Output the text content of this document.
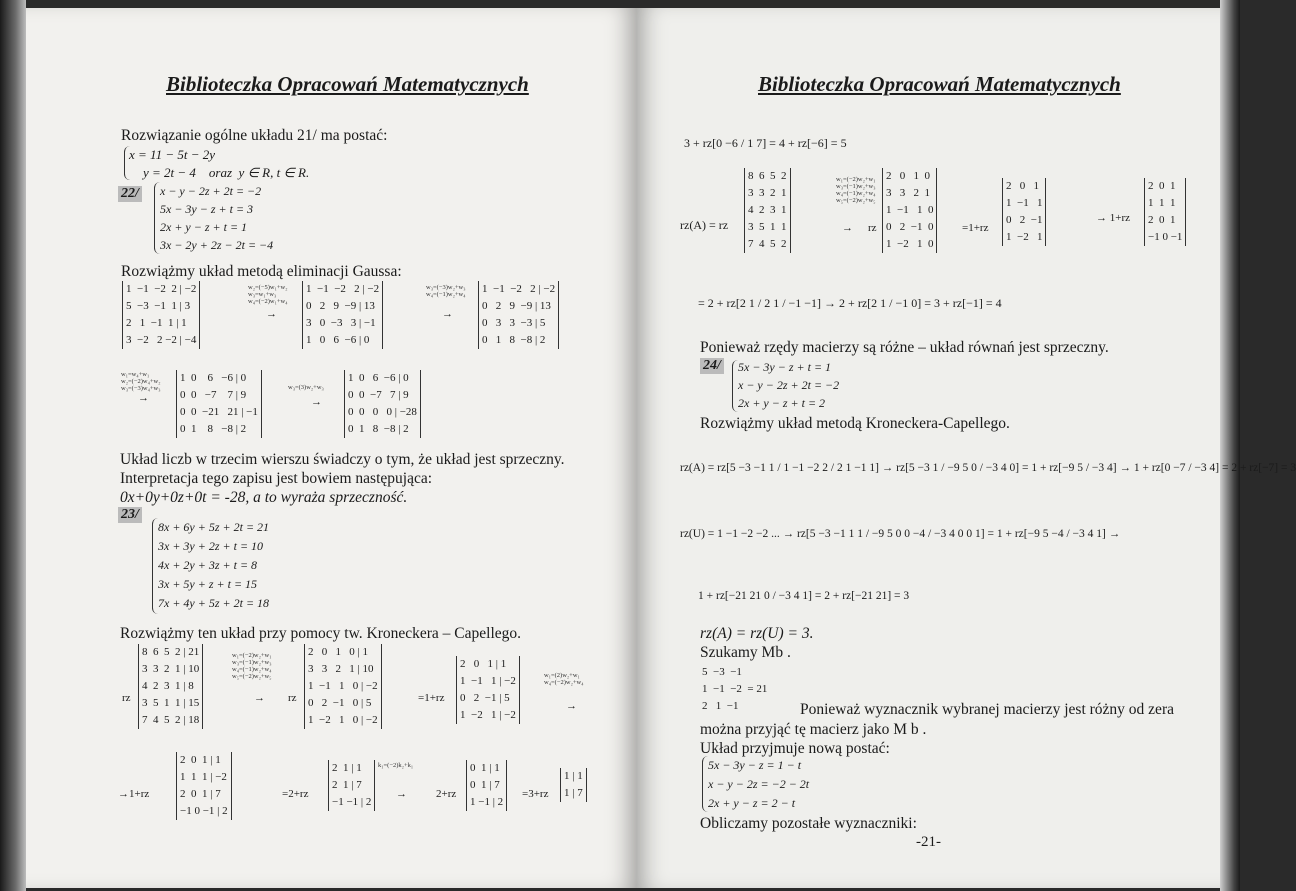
Biblioteczka Opracowań Matematycznych
Rozwiązanie ogólne układu 21/ ma postać:
x = 11 − 5t − 2y
y = 2t − 4    oraz  y ∈ R, t ∈ R.
22/ x − y − 2z + 2t = −2
5x − 3y − z + t = 3
2x + y − z + t = 1
3x − 2y + 2z − 2t = −4
Rozwiążmy układ metodą eliminacji Gaussa:
1  −1  −2  2 | −2
5  −3  −1  1 | 3
2   1  −1  1 | 1
3  −2   2 −2 | −4
w₂=(−5)w₁+w₂
w₃=w₁+w₃
w₄=(−2)w₁+w₄
→
1  −1  −2   2 | −2
0   2   9  −9 | 13
3   0  −3   3 | −1
1   0   6  −6 | 0
w₃=(−3)w₂+w₃
w₄=(−1)w₂+w₄
→
1  −1  −2   2 | −2
0   2   9  −9 | 13
0   3   3  −3 | 5
0   1   8  −8 | 2
w₁=w₄+w₁
w₂=(−2)w₄+w₂
w₃=(−3)w₄+w₃
→
1  0    6   −6 | 0
0  0   −7    7 | 9
0  0  −21   21 | −1
0  1    8   −8 | 2
w₃=(3)w₂+w₃
→
1  0   6  −6 | 0
0  0  −7   7 | 9
0  0   0   0 | −28
0  1   8  −8 | 2
Układ liczb w trzecim wierszu świadczy o tym, że układ jest sprzeczny.
Interpretacja tego zapisu jest bowiem następująca:
0x+0y+0z+0t = -28, a to wyraża sprzeczność.
23/
8x + 6y + 5z + 2t = 21
3x + 3y + 2z + t = 10
4x + 2y + 3z + t = 8
3x + 5y + z + t = 15
7x + 4y + 5z + 2t = 18
Rozwiążmy ten układ przy pomocy tw. Kroneckera – Capellego.
rz
8  6  5  2 | 21
3  3  2  1 | 10
4  2  3  1 | 8
3  5  1  1 | 15
7  4  5  2 | 18
w₁=(−2)w₂+w₁
w₃=(−1)w₂+w₃
w₄=(−1)w₂+w₄
w₅=(−2)w₂+w₅
→ rz
2   0   1   0 | 1
3   3   2   1 | 10
1  −1   1   0 | −2
0   2  −1   0 | 5
1  −2   1   0 | −2
=1+rz
2   0   1 | 1
1  −1   1 | −2
0   2  −1 | 5
1  −2   1 | −2
w₁=(2)w₂+w₁
w₄=(−2)w₂+w₄
→
→1+rz
2  0  1 | 1
1  1  1 | −2
2  0  1 | 7
−1 0 −1 | 2
=2+rz
2  1 | 1
2  1 | 7
−1 −1 | 2
k₁=(−2)k₂+k₁
→	2+rz
0  1 | 1
0  1 | 7
1 −1 | 2
=3+rz
1 | 1
1 | 7
Biblioteczka Opracowań Matematycznych
3 + rz[0 −6 / 1 7] = 4 + rz[−6] = 5
rz(A) = rz
8  6  5  2
3  3  2  1
4  2  3  1
3  5  1  1
7  4  5  2
w₁=(−2)w₂+w₁
w₃=(−1)w₂+w₃
w₄=(−1)w₂+w₄
w₅=(−2)w₂+w₅
→ rz
2   0   1  0
3   3   2  1
1  −1   1  0
0   2  −1  0
1  −2   1  0
=1+rz
2   0   1
1  −1   1
0   2  −1
1  −2   1
→ 1+rz
2  0  1
1  1  1
2  0  1
−1 0 −1
= 2 + rz[2 1 / 2 1 / −1 −1] → 2 + rz[2 1 / −1 0] = 3 + rz[−1] = 4
Ponieważ rzędy macierzy są różne – układ równań jest sprzeczny.
24/ 5x − 3y − z + t = 1
x − y − 2z + 2t = −2
2x + y − z + t = 2
Rozwiążmy układ metodą Kroneckera-Capellego.
rz(A) = rz[5 −3 −1 1 / 1 −1 −2 2 / 2 1 −1 1] → rz[5 −3 1 / −9 5 0 / −3 4 0] = 1 + rz[−9 5 / −3 4] → 1 + rz[0 −7 / −3 4] = 2 + rz[−7] = 3
rz(U) = 1 −1 −2 −2 ... → rz[5 −3 −1 1 1 / −9 5 0 0 −4 / −3 4 0 0 1] = 1 + rz[−9 5 −4 / −3 4 1] →
1 + rz[−21 21 0 / −3 4 1] = 2 + rz[−21 21] = 3
rz(A) = rz(U) = 3.
Szukamy Mb .
5  −3  −1
1  −1  −2  = 21
2   1  −1	Ponieważ wyznacznik wybranej macierzy jest różny od zera
można przyjąć tę macierz jako M b .
Układ przyjmuje nową postać:
5x − 3y − z = 1 − t
x − y − 2z = −2 − 2t
2x + y − z = 2 − t
Obliczamy pozostałe wyznaczniki:
-21-
